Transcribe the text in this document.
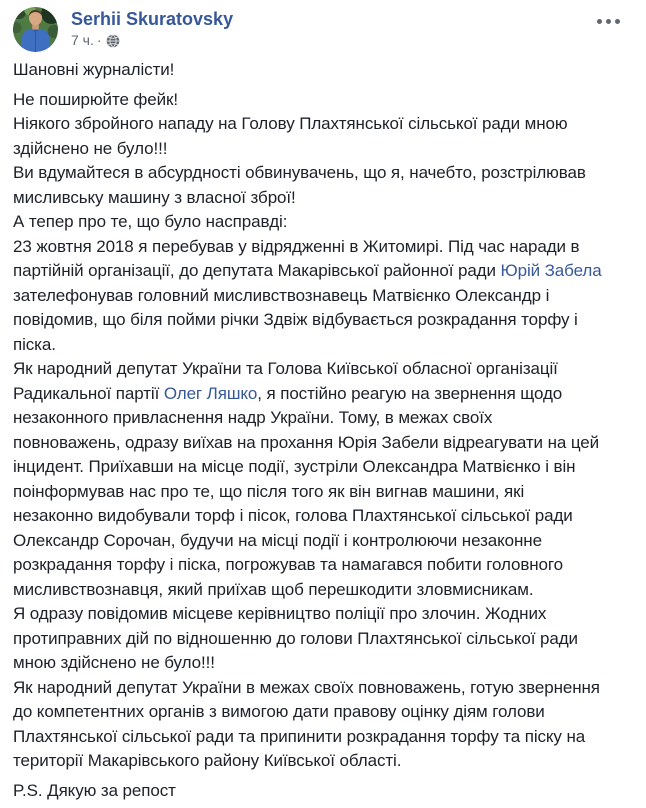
Serhii Skuratovsky
7 ч. ·
Шановні журналісти!
Не поширюйте фейк!
Ніякого збройного нападу на Голову Плахтянської сільської ради мною
здійснено не було!!!
Ви вдумайтеся в абсурдності обвинувачень, що я, начебто, розстрілював
мисливську машину з власної зброї!
А тепер про те, що було насправді:
23 жовтня 2018 я перебував у відрядженні в Житомирі. Під час наради в
партійній організації, до депутата Макарівської районної ради Юрій Забела
зателефонував головний мисливствознавець Матвієнко Олександр і
повідомив, що біля пойми річки Здвіж відбувається розкрадання торфу і
піска.
Як народний депутат України та Голова Київської обласної організації
Радикальної партії Олег Ляшко, я постійно реагую на звернення щодо
незаконного привласнення надр України. Тому, в межах своїх
повноважень, одразу виїхав на прохання Юрія Забели відреагувати на цей
інцидент. Приїхавши на місце події, зустріли Олександра Матвієнко і він
поінформував нас про те, що після того як він вигнав машини, які
незаконно видобували торф і пісок, голова Плахтянської сільської ради
Олександр Сорочан, будучи на місці події і контролюючи незаконне
розкрадання торфу і піска, погрожував та намагався побити головного
мисливствознавця, який приїхав щоб перешкодити зловмисникам.
Я одразу повідомив місцеве керівництво поліції про злочин. Жодних
протиправних дій по відношенню до голови Плахтянської сільської ради
мною здійснено не було!!!
Як народний депутат України в межах своїх повноважень, готую звернення
до компетентних органів з вимогою дати правову оцінку діям голови
Плахтянської сільської ради та припинити розкрадання торфу та піску на
території Макарівського району Київської області.
P.S. Дякую за репост
